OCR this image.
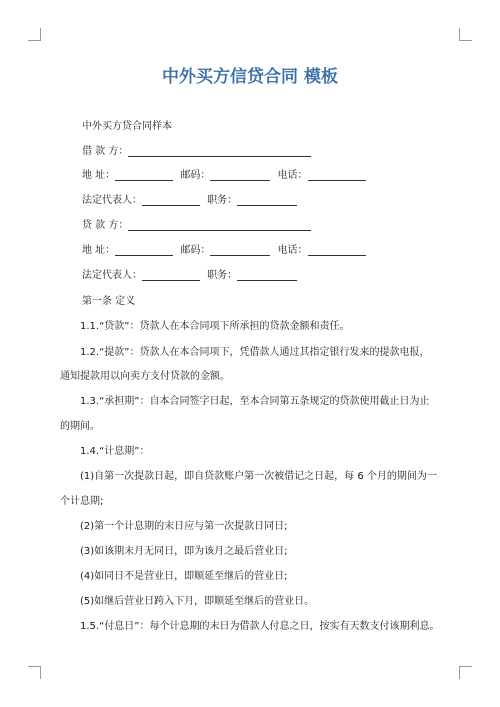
中外买方信贷合同 模板
中外买方贷合同样本
借 款 方：
地 址：	邮码：	电话：
法定代表人：	职务：
贷 款 方：
地 址：	邮码：	电话：
法定代表人：	职务：
第一条 定义
1.1.“贷款”：贷款人在本合同项下所承担的贷款金额和责任。
1.2.“提款”：贷款人在本合同项下，凭借款人通过其指定银行发来的提款电报，
通知提款用以向卖方支付贷款的金额。
1.3.“承担期”：自本合同签字日起，至本合同第五条规定的贷款使用截止日为止
的期间。
1.4.“计息期”：
(1)自第一次提款日起，即自贷款账户第一次被借记之日起，每 6 个月的期间为一
个计息期;
(2)第一个计息期的末日应与第一次提款日同日;
(3)如该期末月无同日，即为该月之最后营业日;
(4)如同日不是营业日，即顺延至继后的营业日;
(5)如继后营业日跨入下月，即顺延至继后的营业日。
1.5.“付息日”：每个计息期的末日为借款人付息之日，按实有天数支付该期利息。
